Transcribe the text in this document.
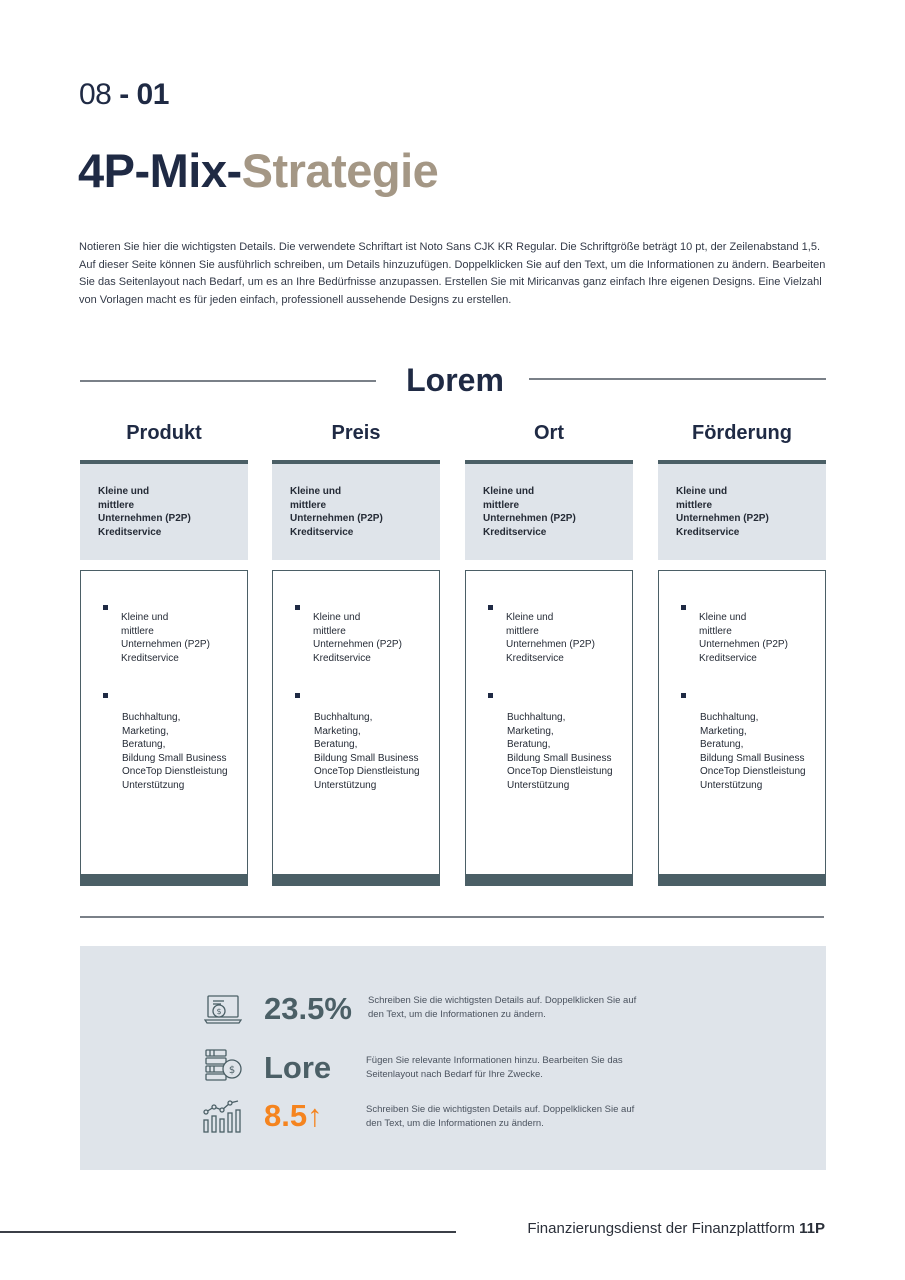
08 - 01
4P-Mix-Strategie

Notieren Sie hier die wichtigsten Details. Die verwendete Schriftart ist Noto Sans CJK KR Regular. Die Schriftgröße beträgt 10 pt, der Zeilenabstand 1,5. Auf dieser Seite können Sie ausführlich schreiben, um Details hinzuzufügen. Doppelklicken Sie auf den Text, um die Informationen zu ändern. Bearbeiten Sie das Seitenlayout nach Bedarf, um es an Ihre Bedürfnisse anzupassen. Erstellen Sie mit Miricanvas ganz einfach Ihre eigenen Designs. Eine Vielzahl von Vorlagen macht es für jeden einfach, professionell aussehende Designs zu erstellen.

Lorem
Produkt
Kleine und
mittlere
Unternehmen (P2P)
Kreditservice
Kleine und
mittlere
Unternehmen (P2P)
Kreditservice
Buchhaltung,
Marketing,
Beratung,
Bildung Small Business
OnceTop Dienstleistung
Unterstützung
Preis
Kleine und
mittlere
Unternehmen (P2P)
Kreditservice
Kleine und
mittlere
Unternehmen (P2P)
Kreditservice
Buchhaltung,
Marketing,
Beratung,
Bildung Small Business
OnceTop Dienstleistung
Unterstützung
Ort
Kleine und
mittlere
Unternehmen (P2P)
Kreditservice
Kleine und
mittlere
Unternehmen (P2P)
Kreditservice
Buchhaltung,
Marketing,
Beratung,
Bildung Small Business
OnceTop Dienstleistung
Unterstützung
Förderung
Kleine und
mittlere
Unternehmen (P2P)
Kreditservice
Kleine und
mittlere
Unternehmen (P2P)
Kreditservice
Buchhaltung,
Marketing,
Beratung,
Bildung Small Business
OnceTop Dienstleistung
Unterstützung
$ 23.5% Schreiben Sie die wichtigsten Details auf. Doppelklicken Sie auf den Text, um die Informationen zu ändern.
$ Lore	Fügen Sie relevante Informationen hinzu. Bearbeiten Sie das Seitenlayout nach Bedarf für Ihre Zwecke.
8.5↑	Schreiben Sie die wichtigsten Details auf. Doppelklicken Sie auf den Text, um die Informationen zu ändern.
Finanzierungsdienst der Finanzplattform 11P
